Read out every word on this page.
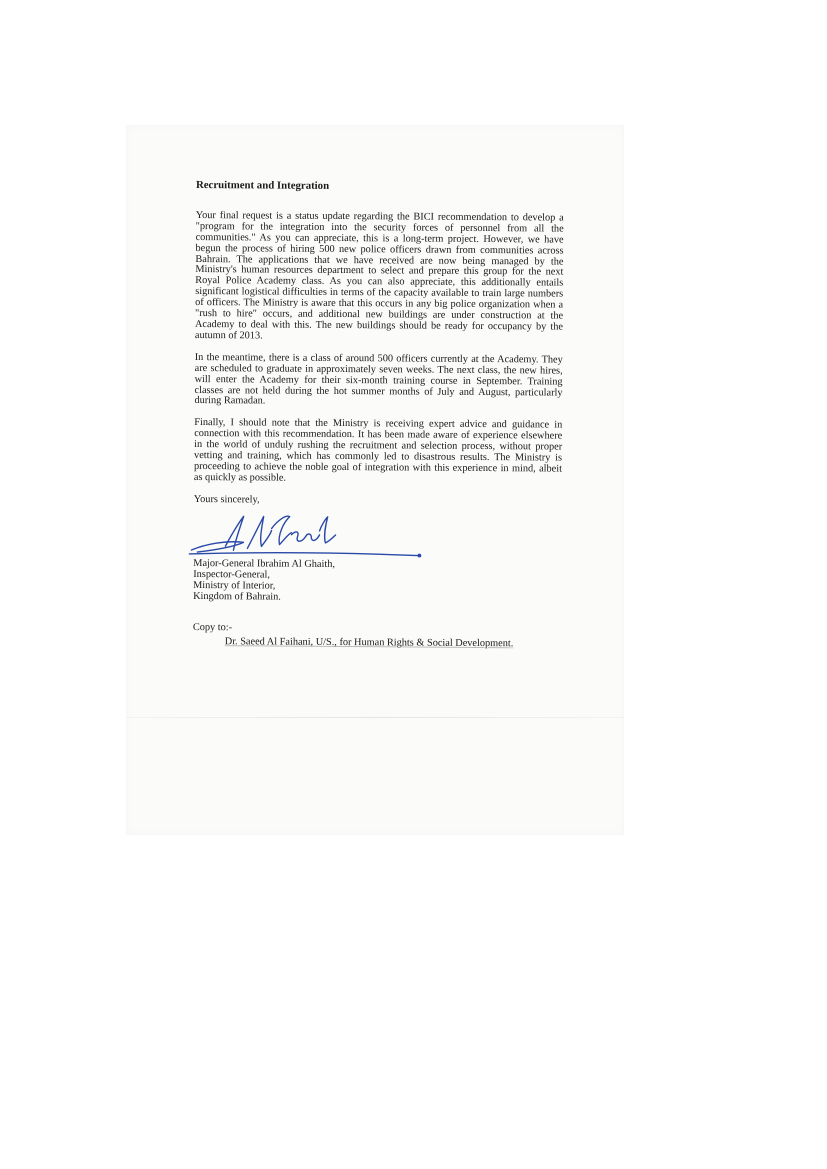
Recruitment and Integration

Your final request is a status update regarding the BICI recommendation to develop a "program for the integration into the security forces of personnel from all the communities." As you can appreciate, this is a long-term project. However, we have begun the process of hiring 500 new police officers drawn from communities across Bahrain. The applications that we have received are now being managed by the Ministry's human resources department to select and prepare this group for the next Royal Police Academy class. As you can also appreciate, this additionally entails significant logistical difficulties in terms of the capacity available to train large numbers of officers. The Ministry is aware that this occurs in any big police organization when a "rush to hire" occurs, and additional new buildings are under construction at the Academy to deal with this. The new buildings should be ready for occupancy by the autumn of 2013.

In the meantime, there is a class of around 500 officers currently at the Academy. They are scheduled to graduate in approximately seven weeks. The next class, the new hires, will enter the Academy for their six-month training course in September. Training classes are not held during the hot summer months of July and August, particularly during Ramadan.

Finally, I should note that the Ministry is receiving expert advice and guidance in connection with this recommendation. It has been made aware of experience elsewhere in the world of unduly rushing the recruitment and selection process, without proper vetting and training, which has commonly led to disastrous results. The Ministry is proceeding to achieve the noble goal of integration with this experience in mind, albeit as quickly as possible.

Yours sincerely,
Major-General Ibrahim Al Ghaith,
Inspector-General,
Ministry of Interior,
Kingdom of Bahrain.
Copy to:-
Dr. Saeed Al Faihani, U/S., for Human Rights & Social Development.
